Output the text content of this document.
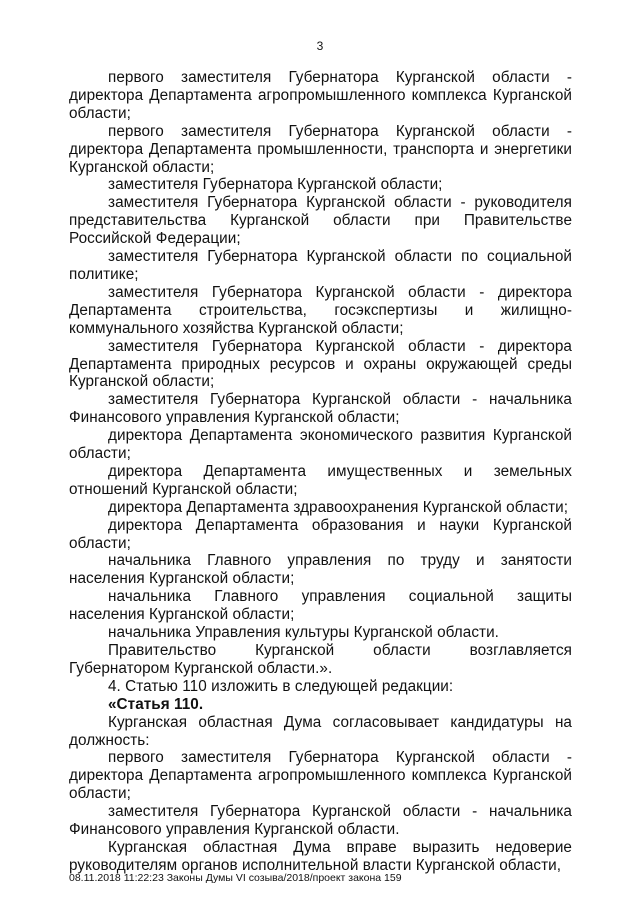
3

первого заместителя Губернатора Курганской области - директора Департамента агропромышленного комплекса Курганской области;

первого заместителя Губернатора Курганской области - директора Департамента промышленности, транспорта и энергетики Курганской области;

заместителя Губернатора Курганской области;

заместителя Губернатора Курганской области - руководителя представительства Курганской области при Правительстве Российской Федерации;

заместителя Губернатора Курганской области по социальной политике;

заместителя Губернатора Курганской области - директора Департамента строительства, госэкспертизы и жилищно-коммунального хозяйства Курганской области;

заместителя Губернатора Курганской области - директора Департамента природных ресурсов и охраны окружающей среды Курганской области;

заместителя Губернатора Курганской области - начальника Финансового управления Курганской области;

директора Департамента экономического развития Курганской области;

директора Департамента имущественных и земельных отношений Курганской области;

директора Департамента здравоохранения Курганской области;

директора Департамента образования и науки Курганской области;

начальника Главного управления по труду и занятости населения Курганской области;

начальника Главного управления социальной защиты населения Курганской области;

начальника Управления культуры Курганской области.

Правительство Курганской области возглавляется Губернатором Курганской области.».

4. Статью 110 изложить в следующей редакции:

«Статья 110.

Курганская областная Дума согласовывает кандидатуры на должность:

первого заместителя Губернатора Курганской области - директора Департамента агропромышленного комплекса Курганской области;

заместителя Губернатора Курганской области - начальника Финансового управления Курганской области.

Курганская областная Дума вправе выразить недоверие руководителям органов исполнительной власти Курганской области,

08.11.2018 11:22:23 Законы Думы VI созыва/2018/проект закона 159
